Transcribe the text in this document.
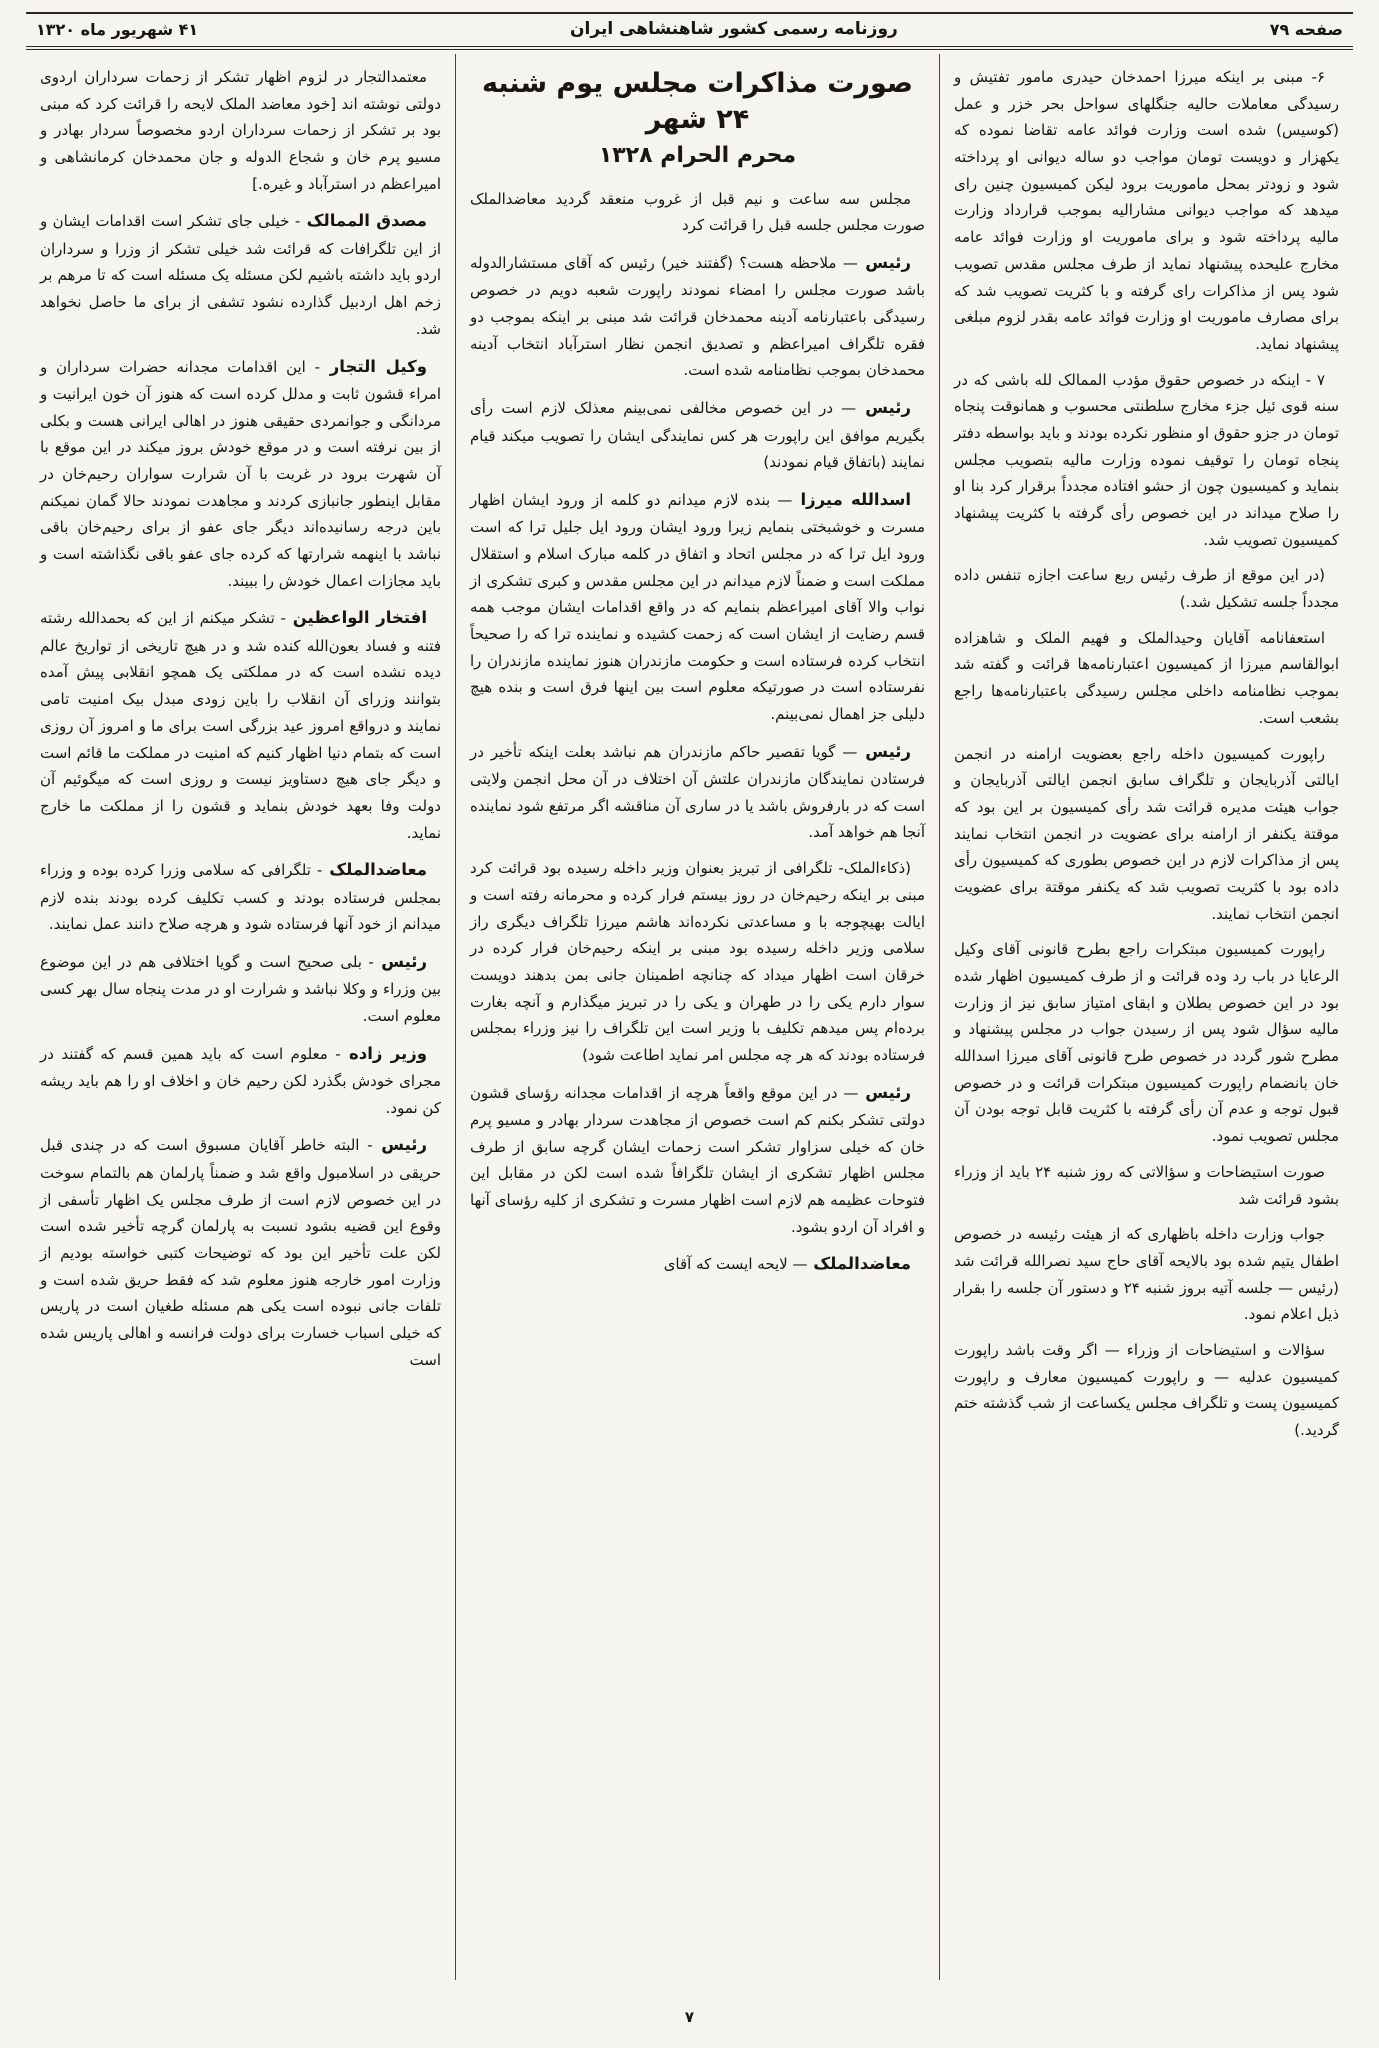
صفحه ۷۹
روزنامه رسمی کشور شاهنشاهی ایران
۴۱ شهریور ماه ۱۳۲۰

۶- مبنی بر اینکه میرزا احمدخان حیدری مامور تفتیش و رسیدگی معاملات حالیه جنگلهای سواحل بحر خزر و عمل (کوسیس) شده است وزارت فوائد عامه تقاضا نموده که یکهزار و دویست تومان مواجب دو ساله دیوانی او پرداخته شود و زودتر بمحل ماموریت برود لیکن کمیسیون چنین رای میدهد که مواجب دیوانی مشارالیه بموجب قرارداد وزارت مالیه پرداخته شود و برای ماموریت او وزارت فوائد عامه مخارج علیحده پیشنهاد نماید از طرف مجلس مقدس تصویب شود پس از مذاکرات رای گرفته و با کثریت تصویب شد که برای مصارف ماموریت او وزارت فوائد عامه بقدر لزوم مبلغی پیشنهاد نماید.

۷ - اینکه در خصوص حقوق مؤدب الممالک لله باشی که در سنه قوی ئیل جزء مخارج سلطنتی محسوب و همانوقت پنجاه تومان در جزو حقوق او منظور نکرده بودند و باید بواسطه دفتر پنجاه تومان را توقیف نموده وزارت مالیه بتصویب مجلس بنماید و کمیسیون چون از حشو افتاده مجدداً برقرار کرد بنا او را صلاح میداند در این خصوص رأی گرفته با کثریت پیشنهاد کمیسیون تصویب شد.

(در این موقع از طرف رئیس ربع ساعت اجازه تنفس داده مجدداً جلسه تشکیل شد.)

استعفانامه آقایان وحیدالملک و فهیم الملک و شاهزاده ابوالقاسم میرزا از کمیسیون اعتبارنامه‌ها قرائت و گفته شد بموجب نظامنامه داخلی مجلس رسیدگی باعتبارنامه‌ها راجع بشعب است.

راپورت کمیسیون داخله راجع بعضویت ارامنه در انجمن ایالتی آذربایجان و تلگراف سابق انجمن ایالتی آذربایجان و جواب هیئت مدیره قرائت شد رأی کمیسیون بر این بود که موقتة یکنفر از ارامنه برای عضویت در انجمن انتخاب نمایند پس از مذاکرات لازم در این خصوص بطوری که کمیسیون رأی داده بود با کثریت تصویب شد که یکنفر موقتة برای عضویت انجمن انتخاب نمایند.

راپورت کمیسیون مبتکرات راجع بطرح قانونی آقای وکیل الرعایا در باب رد وده قرائت و از طرف کمیسیون اظهار شده بود در این خصوص بطلان و ابقای امتیاز سابق نیز از وزارت مالیه سؤال شود پس از رسیدن جواب در مجلس پیشنهاد و مطرح شور گردد در خصوص طرح قانونی آقای میرزا اسدالله خان بانضمام راپورت کمیسیون مبتکرات قرائت و در خصوص قبول توجه و عدم آن رأی گرفته با کثریت قابل توجه بودن آن مجلس تصویب نمود.

صورت استیضاحات و سؤالاتی که روز شنبه ۲۴ باید از وزراء بشود قرائت شد

جواب وزارت داخله باظهاری که از هیئت رئیسه در خصوص اطفال یتیم شده بود بالایحه آقای حاج سید نصرالله قرائت شد (رئیس — جلسه آتیه بروز شنبه ۲۴ و دستور آن جلسه را بقرار ذیل اعلام نمود.

سؤالات و استیضاحات از وزراء — اگر وقت باشد راپورت کمیسیون عدلیه — و راپورت کمیسیون معارف و راپورت کمیسیون پست و تلگراف مجلس یکساعت از شب گذشته ختم گردید.)

صورت مذاکرات مجلس یوم شنبه ۲۴ شهر
محرم الحرام ۱۳۲۸

مجلس سه ساعت و نیم قبل از غروب منعقد گردید معاضدالملک صورت مجلس جلسه قبل را قرائت کرد

رئیس — ملاحظه هست؟ (گفتند خیر) رئیس که آقای مستشارالدوله باشد صورت مجلس را امضاء نمودند راپورت شعبه دویم در خصوص رسیدگی باعتبارنامه آدینه محمدخان قرائت شد مبنی بر اینکه بموجب دو فقره تلگراف امیراعظم و تصدیق انجمن نظار استرآباد انتخاب آدینه محمدخان بموجب نظامنامه شده است.

رئیس — در این خصوص مخالفی نمی‌بینم معذلک لازم است رأی بگیریم موافق این راپورت هر کس نمایندگی ایشان را تصویب میکند قیام نمایند (باتفاق قیام نمودند)

اسدالله میرزا — بنده لازم میدانم دو کلمه از ورود ایشان اظهار مسرت و خوشبختی بنمایم زیرا ورود ایشان ورود ایل جلیل ترا که است ورود ایل ترا که در مجلس اتحاد و اتفاق در کلمه مبارک اسلام و استقلال مملکت است و ضمناً لازم میدانم در این مجلس مقدس و کبری تشکری از نواب والا آقای امیراعظم بنمایم که در واقع اقدامات ایشان موجب همه قسم رضایت از ایشان است که زحمت کشیده و نماینده ترا که را صحیحاً انتخاب کرده فرستاده است و حکومت مازندران هنوز نماینده مازندران را نفرستاده است در صورتیکه معلوم است بین اینها فرق است و بنده هیچ دلیلی جز اهمال نمی‌بینم.

رئیس — گویا تقصیر حاکم مازندران هم نباشد بعلت اینکه تأخیر در فرستادن نمایندگان مازندران علتش آن اختلاف در آن محل انجمن ولایتی است که در بارفروش باشد یا در ساری آن مناقشه اگر مرتفع شود نماینده آنجا هم خواهد آمد.

(ذکاءالملک- تلگرافی از تبریز بعنوان وزیر داخله رسیده بود قرائت کرد مبنی بر اینکه رحیم‌خان در روز بیستم فرار کرده و محرمانه رفته است و ایالت بهیچوجه با و مساعدتی نکرده‌اند هاشم میرزا تلگراف دیگری راز سلامی وزیر داخله رسیده بود مبنی بر اینکه رحیم‌خان فرار کرده در خرقان است اظهار میداد که چنانچه اطمینان جانی بمن بدهند دویست سوار دارم یکی را در طهران و یکی را در تبریز میگذارم و آنچه بغارت برده‌ام پس میدهم تکلیف با وزیر است این تلگراف را نیز وزراء بمجلس فرستاده بودند که هر چه مجلس امر نماید اطاعت شود)

رئیس — در این موقع واقعاً هرچه از اقدامات مجدانه رؤسای قشون دولتی تشکر بکنم کم است خصوص از مجاهدت سردار بهادر و مسیو پرم خان که خیلی سزاوار تشکر است زحمات ایشان گرچه سابق از طرف مجلس اظهار تشکری از ایشان تلگرافاً شده است لکن در مقابل این فتوحات عظیمه هم لازم است اظهار مسرت و تشکری از کلیه رؤسای آنها و افراد آن اردو بشود.

معاضدالملک — لایحه ایست که آقای

معتمدالتجار در لزوم اظهار تشکر از زحمات سرداران اردوی دولتی نوشته اند [خود معاضد الملک لایحه را قرائت کرد که مبنی بود بر تشکر از زحمات سرداران اردو مخصوصاً سردار بهادر و مسیو پرم خان و شجاع الدوله و جان محمدخان کرمانشاهی و امیراعظم در استرآباد و غیره.]

مصدق الممالک - خیلی جای تشکر است اقدامات ایشان و از این تلگرافات که قرائت شد خیلی تشکر از وزرا و سرداران اردو باید داشته باشیم لکن مسئله یک مسئله است که تا مرهم بر زخم اهل اردبیل گذارده نشود تشفی از برای ما حاصل نخواهد شد.

وکیل التجار - این اقدامات مجدانه حضرات سرداران و امراء قشون ثابت و مدلل کرده است که هنوز آن خون ایرانیت و مردانگی و جوانمردی حقیقی هنوز در اهالی ایرانی هست و بکلی از بین نرفته است و در موقع خودش بروز میکند در این موقع با آن شهرت برود در غربت با آن شرارت سواران رحیم‌خان در مقابل اینطور جانبازی کردند و مجاهدت نمودند حالا گمان نمیکنم باین درجه رسانیده‌اند دیگر جای عفو از برای رحیم‌خان باقی نباشد با اینهمه شرارتها که کرده جای عفو باقی نگذاشته است و باید مجازات اعمال خودش را ببیند.

افتخار الواعظین - تشکر میکنم از این که بحمدالله رشته فتنه و فساد بعون‌الله کنده شد و در هیچ تاریخی از تواریخ عالم دیده نشده است که در مملکتی یک همچو انقلابی پیش آمده بتوانند وزرای آن انقلاب را باین زودی مبدل بیک امنیت تامی نمایند و درواقع امروز عید بزرگی است برای ما و امروز آن روزی است که بتمام دنیا اظهار کنیم که امنیت در مملکت ما قائم است و دیگر جای هیچ دستاویز نیست و روزی است که میگوئیم آن دولت وفا بعهد خودش بنماید و قشون را از مملکت ما خارج نماید.

معاضدالملک - تلگرافی که سلامی وزرا کرده بوده و وزراء بمجلس فرستاده بودند و کسب تکلیف کرده بودند بنده لازم میدانم از خود آنها فرستاده شود و هرچه صلاح دانند عمل نمایند.

رئیس - بلی صحیح است و گویا اختلافی هم در این موضوع بین وزراء و وکلا نباشد و شرارت او در مدت پنجاه سال بهر کسی معلوم است.

وزیر زاده - معلوم است که باید همین قسم که گفتند در مجرای خودش بگذرد لکن رحیم خان و اخلاف او را هم باید ریشه کن نمود.

رئیس - البته خاطر آقایان مسبوق است که در چندی قبل حریقی در اسلامبول واقع شد و ضمناً پارلمان هم بالتمام سوخت در این خصوص لازم است از طرف مجلس یک اظهار تأسفی از وقوع این قضیه بشود نسبت به پارلمان گرچه تأخیر شده است لکن علت تأخیر این بود که توضیحات کتبی خواسته بودیم از وزارت امور خارجه هنوز معلوم شد که فقط حریق شده است و تلفات جانی نبوده است یکی هم مسئله طغیان است در پاریس که خیلی اسباب خسارت برای دولت فرانسه و اهالی پاریس شده است

۷
